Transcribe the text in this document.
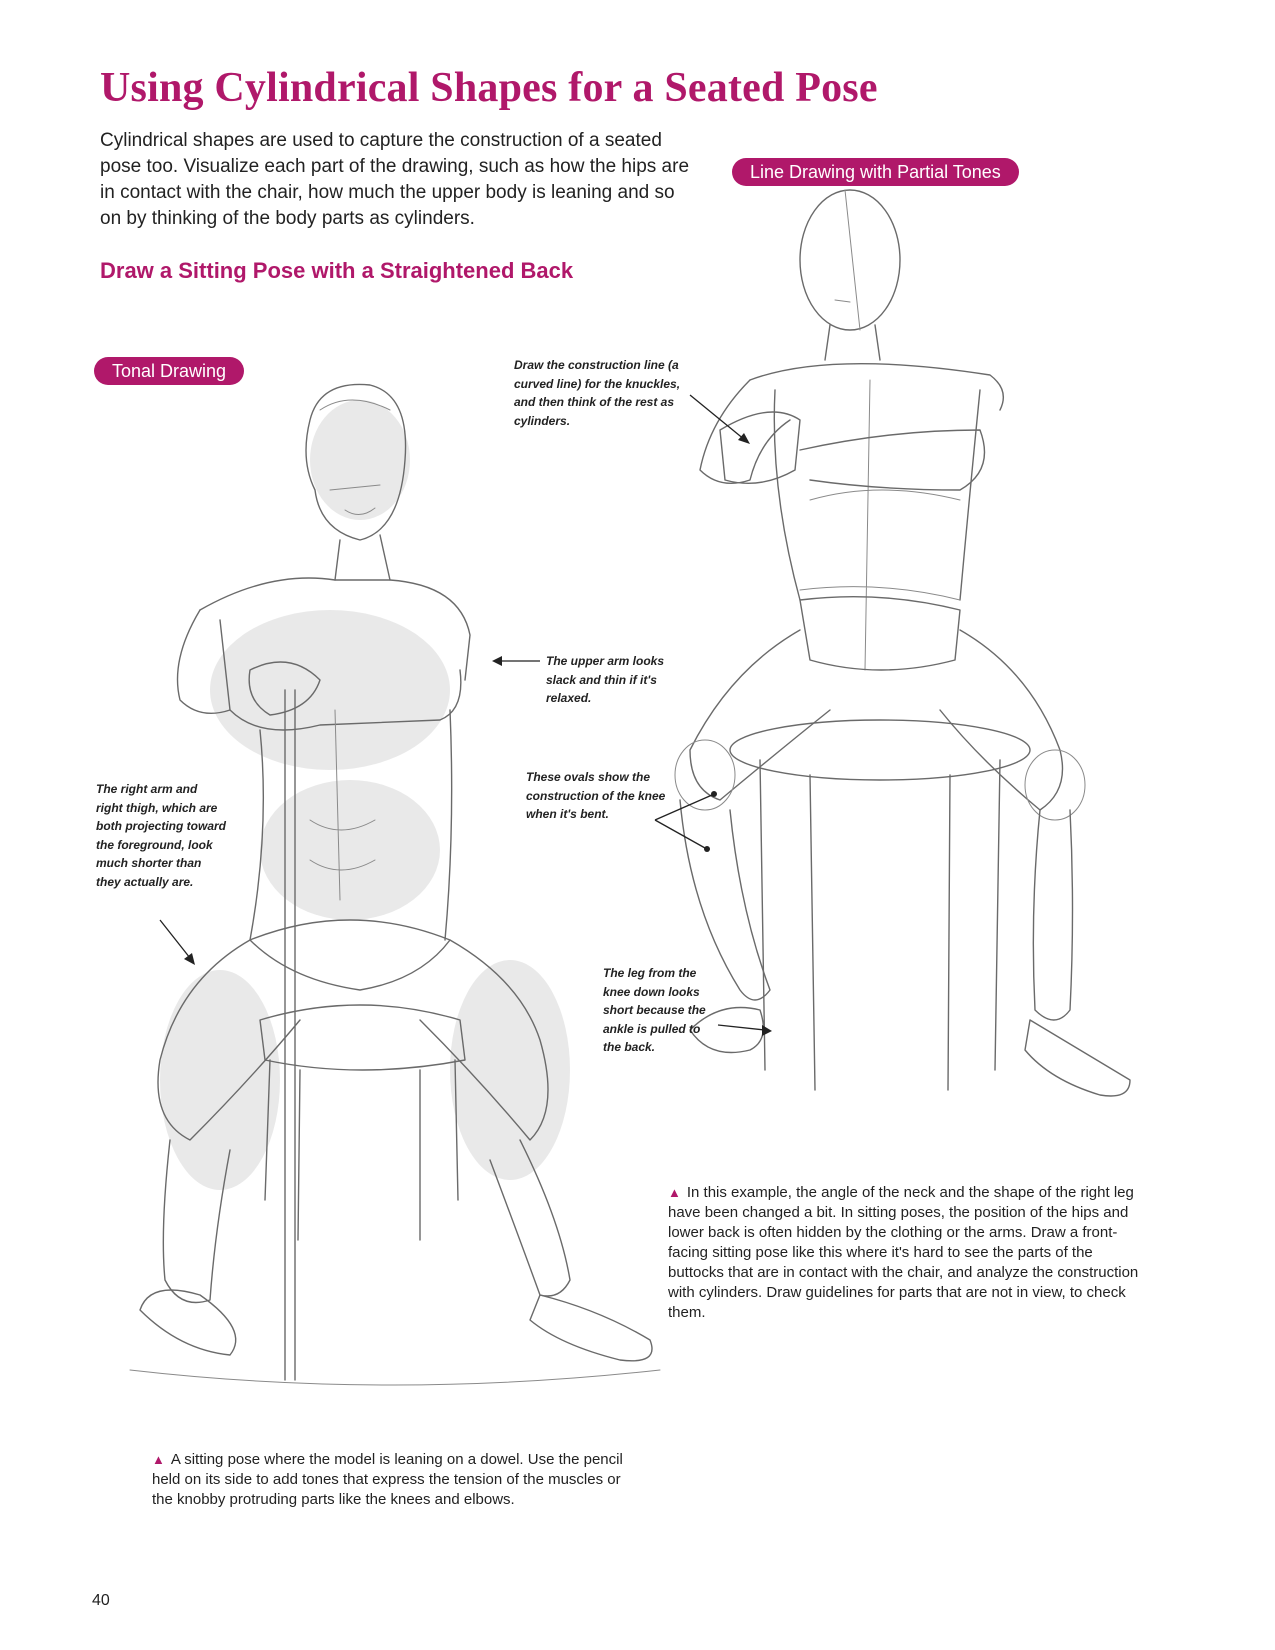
Using Cylindrical Shapes for a Seated Pose

Cylindrical shapes are used to capture the construction of a seated pose too. Visualize each part of the drawing, such as how the hips are in contact with the chair, how much the upper body is leaning and so on by thinking of the body parts as cylinders.

Draw a Sitting Pose with a Straightened Back
Line Drawing with Partial Tones
Tonal Drawing	Draw the construction line (a curved line) for the knuckles, and then think of the rest as cylinders.

The upper arm looks slack and thin if it's relaxed.

The right arm and right thigh, which are both projecting toward the foreground, look much shorter than they actually are.

These ovals show the construction of the knee when it's bent.

The leg from the knee down looks short because the ankle is pulled to the back.

▲ In this example, the angle of the neck and the shape of the right leg have been changed a bit. In sitting poses, the position of the hips and lower back is often hidden by the clothing or the arms. Draw a front-facing sitting pose like this where it's hard to see the parts of the buttocks that are in contact with the chair, and analyze the construction with cylinders. Draw guidelines for parts that are not in view, to check them.

▲ A sitting pose where the model is leaning on a dowel. Use the pencil held on its side to add tones that express the tension of the muscles or the knobby protruding parts like the knees and elbows.

40
